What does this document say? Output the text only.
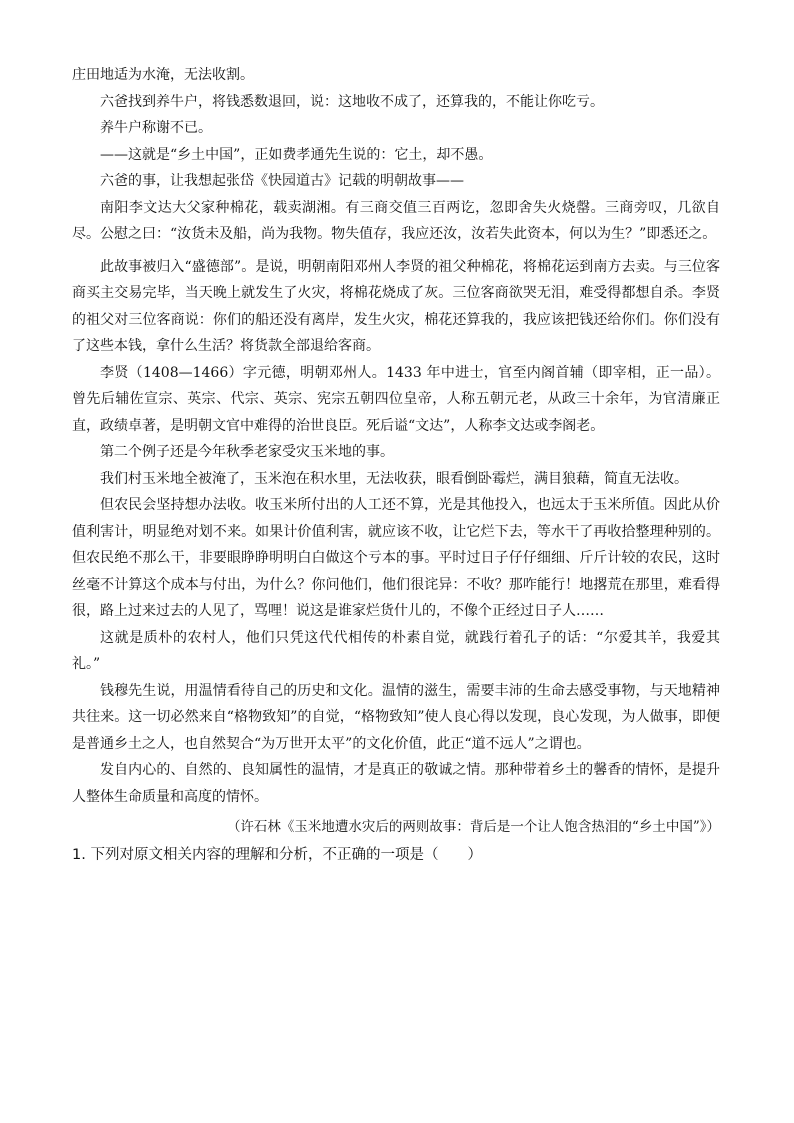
庄田地适为水淹，无法收割。

六爸找到养牛户，将钱悉数退回，说：这地收不成了，还算我的，不能让你吃亏。

养牛户称谢不已。

——这就是“乡土中国”，正如费孝通先生说的：它土，却不愚。

六爸的事，让我想起张岱《快园道古》记载的明朝故事——

南阳李文达大父家种棉花，载卖湖湘。有三商交值三百两讫，忽即舍失火烧罄。三商旁叹，几欲自尽。公慰之曰：“汝货未及船，尚为我物。物失值存，我应还汝，汝若失此资本，何以为生？”即悉还之。

此故事被归入“盛德部”。是说，明朝南阳邓州人李贤的祖父种棉花，将棉花运到南方去卖。与三位客商买主交易完毕，当天晚上就发生了火灾，将棉花烧成了灰。三位客商欲哭无泪，难受得都想自杀。李贤的祖父对三位客商说：你们的船还没有离岸，发生火灾，棉花还算我的，我应该把钱还给你们。你们没有了这些本钱，拿什么生活？将货款全部退给客商。

李贤（1408—1466）字元德，明朝邓州人。1433 年中进士，官至内阁首辅（即宰相，正一品）。曾先后辅佐宣宗、英宗、代宗、英宗、宪宗五朝四位皇帝，人称五朝元老，从政三十余年，为官清廉正直，政绩卓著，是明朝文官中难得的治世良臣。死后谥“文达”，人称李文达或李阁老。

第二个例子还是今年秋季老家受灾玉米地的事。

我们村玉米地全被淹了，玉米泡在积水里，无法收获，眼看倒卧霉烂，满目狼藉，简直无法收。

但农民会坚持想办法收。收玉米所付出的人工还不算，光是其他投入，也远太于玉米所值。因此从价值利害计，明显绝对划不来。如果计价值利害，就应该不收，让它烂下去，等水干了再收拾整理种别的。但农民绝不那么干，非要眼睁睁明明白白做这个亏本的事。平时过日子仔仔细细、斤斤计较的农民，这时丝毫不计算这个成本与付出，为什么？你问他们，他们很诧异：不收？那咋能行！地撂荒在那里，难看得很，路上过来过去的人见了，骂哩！说这是谁家烂货什儿的，不像个正经过日子人……

这就是质朴的农村人，他们只凭这代代相传的朴素自觉，就践行着孔子的话：“尔爱其羊，我爱其礼。”

钱穆先生说，用温情看待自己的历史和文化。温情的滋生，需要丰沛的生命去感受事物，与天地精神共往来。这一切必然来自“格物致知”的自觉，“格物致知”使人良心得以发现，良心发现，为人做事，即便是普通乡土之人，也自然契合“为万世开太平”的文化价值，此正“道不远人”之谓也。

发自内心的、自然的、良知属性的温情，才是真正的敬诚之情。那种带着乡土的馨香的情怀，是提升人整体生命质量和高度的情怀。

（许石林《玉米地遭水灾后的两则故事：背后是一个让人饱含热泪的“乡土中国”》）

1. 下列对原文相关内容的理解和分析，不正确的一项是（　　）
